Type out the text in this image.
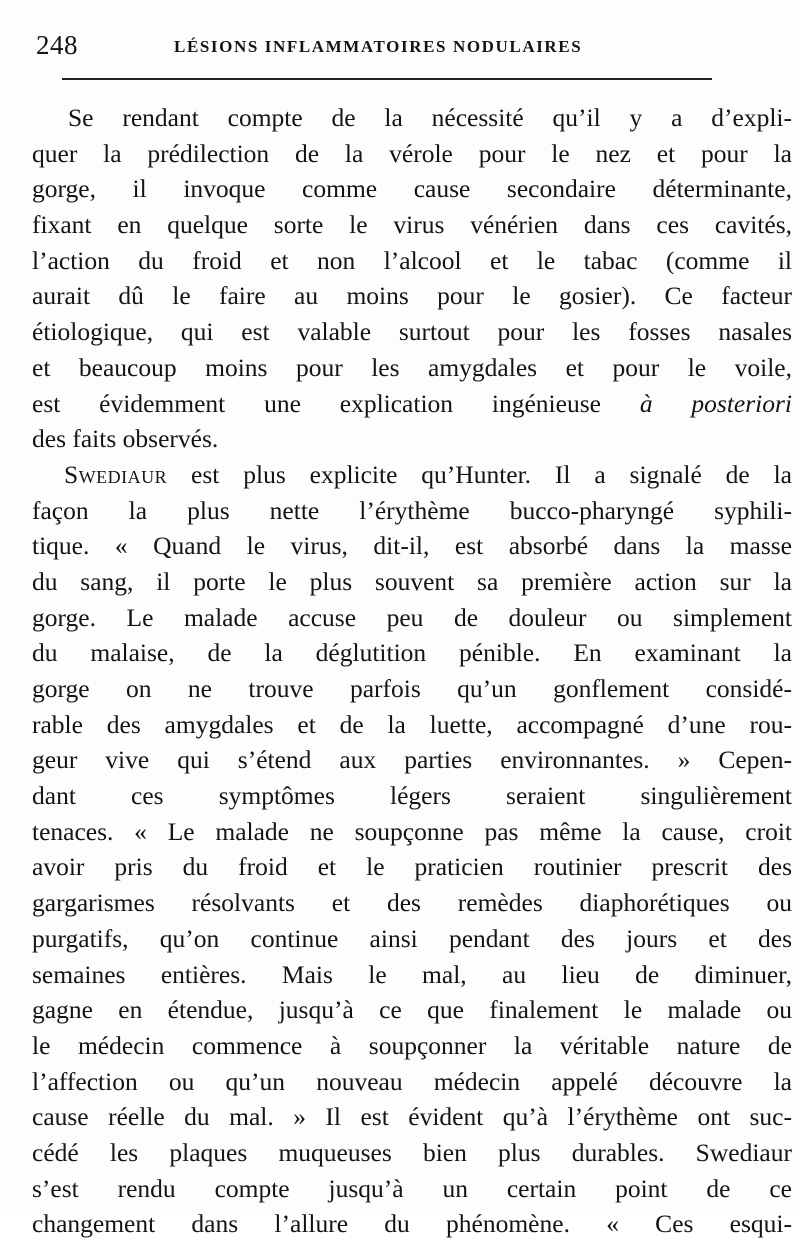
248	LÉSIONS INFLAMMATOIRES NODULAIRES
Se rendant compte de la nécessité qu’il y a d’expli-
quer la prédilection de la vérole pour le nez et pour la
gorge, il invoque comme cause secondaire déterminante,
fixant en quelque sorte le virus vénérien dans ces cavités,
l’action du froid et non l’alcool et le tabac (comme il
aurait dû le faire au moins pour le gosier). Ce facteur
étiologique, qui est valable surtout pour les fosses nasales
et beaucoup moins pour les amygdales et pour le voile,
est évidemment une explication ingénieuse à posteriori
des faits observés.
Swediaur est plus explicite qu’Hunter. Il a signalé de la
façon la plus nette l’érythème bucco-pharyngé syphili-
tique. « Quand le virus, dit-il, est absorbé dans la masse
du sang, il porte le plus souvent sa première action sur la
gorge. Le malade accuse peu de douleur ou simplement
du malaise, de la déglutition pénible. En examinant la
gorge on ne trouve parfois qu’un gonflement considé-
rable des amygdales et de la luette, accompagné d’une rou-
geur vive qui s’étend aux parties environnantes. » Cepen-
dant ces symptômes légers seraient singulièrement
tenaces. « Le malade ne soupçonne pas même la cause, croit
avoir pris du froid et le praticien routinier prescrit des
gargarismes résolvants et des remèdes diaphorétiques ou
purgatifs, qu’on continue ainsi pendant des jours et des
semaines entières. Mais le mal, au lieu de diminuer,
gagne en étendue, jusqu’à ce que finalement le malade ou
le médecin commence à soupçonner la véritable nature de
l’affection ou qu’un nouveau médecin appelé découvre la
cause réelle du mal. » Il est évident qu’à l’érythème ont suc-
cédé les plaques muqueuses bien plus durables. Swediaur
s’est rendu compte jusqu’à un certain point de ce
changement dans l’allure du phénomène. « Ces esqui-
